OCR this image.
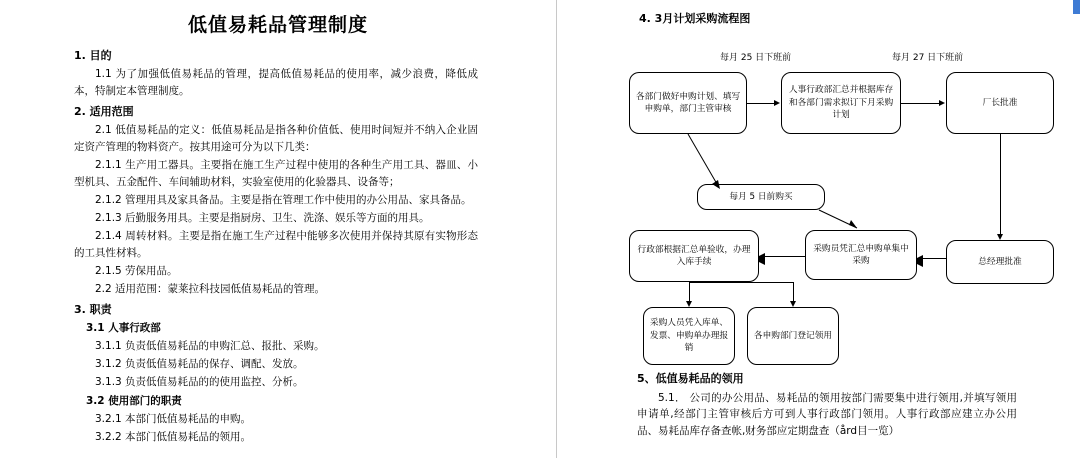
低值易耗品管理制度
1. 目的
1.1 为了加强低值易耗品的管理，提高低值易耗品的使用率，减少浪费，降低成本，特制定本管理制度。
2. 适用范围
2.1 低值易耗品的定义：低值易耗品是指各种价值低、使用时间短并不纳入企业固定资产管理的物料资产。按其用途可分为以下几类：
2.1.1 生产用工器具。主要指在施工生产过程中使用的各种生产用工具、器皿、小型机具、五金配件、车间辅助材料，实验室使用的化验器具、设备等；
2.1.2 管理用具及家具备品。主要是指在管理工作中使用的办公用品、家具备品。
2.1.3 后勤服务用具。主要是指厨房、卫生、洗涤、娱乐等方面的用具。
2.1.4 周转材料。主要是指在施工生产过程中能够多次使用并保持其原有实物形态的工具性材料。
2.1.5 劳保用品。
2.2 适用范围：蒙莱拉科技园低值易耗品的管理。
3. 职责
3.1 人事行政部
3.1.1 负责低值易耗品的申购汇总、报批、采购。
3.1.2 负责低值易耗品的保存、调配、发放。
3.1.3 负责低值易耗品的的使用监控、分析。
3.2 使用部门的职责
3.2.1 本部门低值易耗品的申购。
3.2.2 本部门低值易耗品的领用。
4. 3月计划采购流程图
每月 25 日下班前	每月 27 日下班前
各部门做好申购计划、填写申购单，部门主管审核
人事行政部汇总并根据库存和各部门需求拟订下月采购计划
厂长批准
每月 5 日前购买
总经理批准
采购员凭汇总申购单集中采购
行政部根据汇总单验收，办理入库手续
采购人员凭入库单、发票、申购单办理报销
各申购部门登记领用
5、低值易耗品的领用

5.1． 公司的办公用品、易耗品的领用按部门需要集中进行领用,并填写领用申请单,经部门主管审核后方可到人事行政部门领用。人事行政部应建立办公用品、易耗品库存备查帐,财务部应定期盘查（ård目一览）
